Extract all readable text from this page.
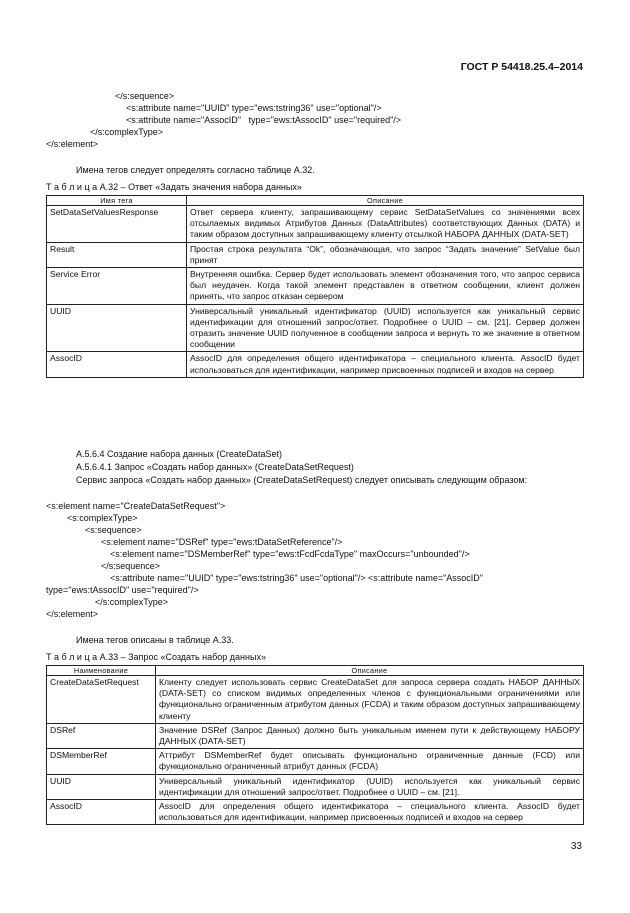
ГОСТ Р 54418.25.4–2014
</s:sequence>
<s:attribute name="UUID" type="ews:tstring36" use="optional"/>
<s:attribute name="AssocID"   type="ews:tAssocID" use="required"/>
</s:complexType>
</s:element>
Имена тегов следует определять согласно таблице А.32.
Т а б л и ц а А.32 – Ответ «Задать значения набора данных»
Имя тега	Описание
SetDataSetValuesResponse	Ответ сервера клиенту, запрашивающему сервис SetDataSetValues со значениями всех отсылаемых видимых Атрибутов Данных (DataAttributes) соответствующих Данных (DATA) и таким образом доступных запрашивающему клиенту отсылкой НАБОРА ДАННЫХ (DATA-SET)
Result	Простая строка результата “Ok”, обозначающая, что запрос “Задать значение” SetValue был принят
Service Error	Внутренняя ошибка. Сервер будет использовать элемент обозначения того, что запрос сервиса был неудачен. Когда такой элемент представлен в ответном сообщении, клиент должен принять, что запрос отказан сервером
UUID	Универсальный уникальный идентификатор (UUID) используется как уникальный сервис идентификации для отношений запрос/ответ. Подробнее о UUID – см. [21]. Сервер должен отразить значение UUID полученное в сообщении запроса и вернуть то же значение в ответном сообщении
AssocID	AssocID для определения общего идентификатора – специального клиента. AssocID будет использоваться для идентификации, например присвоенных подписей и входов на сервер
А.5.6.4 Создание набора данных (CreateDataSet)
А.5.6.4.1 Запрос «Создать набор данных» (CreateDataSetRequest)
Сервис запроса «Создать набор данных» (CreateDataSetRequest) следует описывать следующим образом:
<s:element name="CreateDataSetRequest">
<s:complexType>
<s:sequence>
<s:element name="DSRef" type="ews:tDataSetReference"/>
<s:element name="DSMemberRef" type="ews:tFcdFcdaType" maxOccurs="unbounded"/>
</s:sequence>
<s:attribute name="UUID" type="ews:tstring36" use="optional"/> <s:attribute name="AssocID"
type="ews:tAssocID" use="required"/>
</s:complexType>
</s:element>
Имена тегов описаны в таблице А.33.
Т а б л и ц а А.33 – Запрос «Создать набор данных»
Наименование	Описание
CreateDataSetRequest	Клиенту следует использовать сервис CreateDataSet для запроса сервера создать НАБОР ДАННЫХ (DATA-SET) со списком видимых определенных членов с функциональными ограничениями или функционально ограниченным атрибутом данных (FCDA) и таким образом доступных запрашивающему клиенту
DSRef	Значение DSRef (Запрос Данных) должно быть уникальным именем пути к действующему НАБОРУ ДАННЫХ (DATA-SET)
DSMemberRef	Аттрибут DSMemberRef будет описывать функционально ограниченные данные (FCD) или функционально ограниченный атрибут данных (FCDA)
UUID	Универсальный уникальный идентификатор (UUID) используется как уникальный сервис идентификации для отношений запрос/ответ. Подробнее о UUID – см. [21].
AssocID	AssocID для определения общего идентификатора – специального клиента. AssocID будет использоваться для идентификации, например присвоенных подписей и входов на сервер
33
